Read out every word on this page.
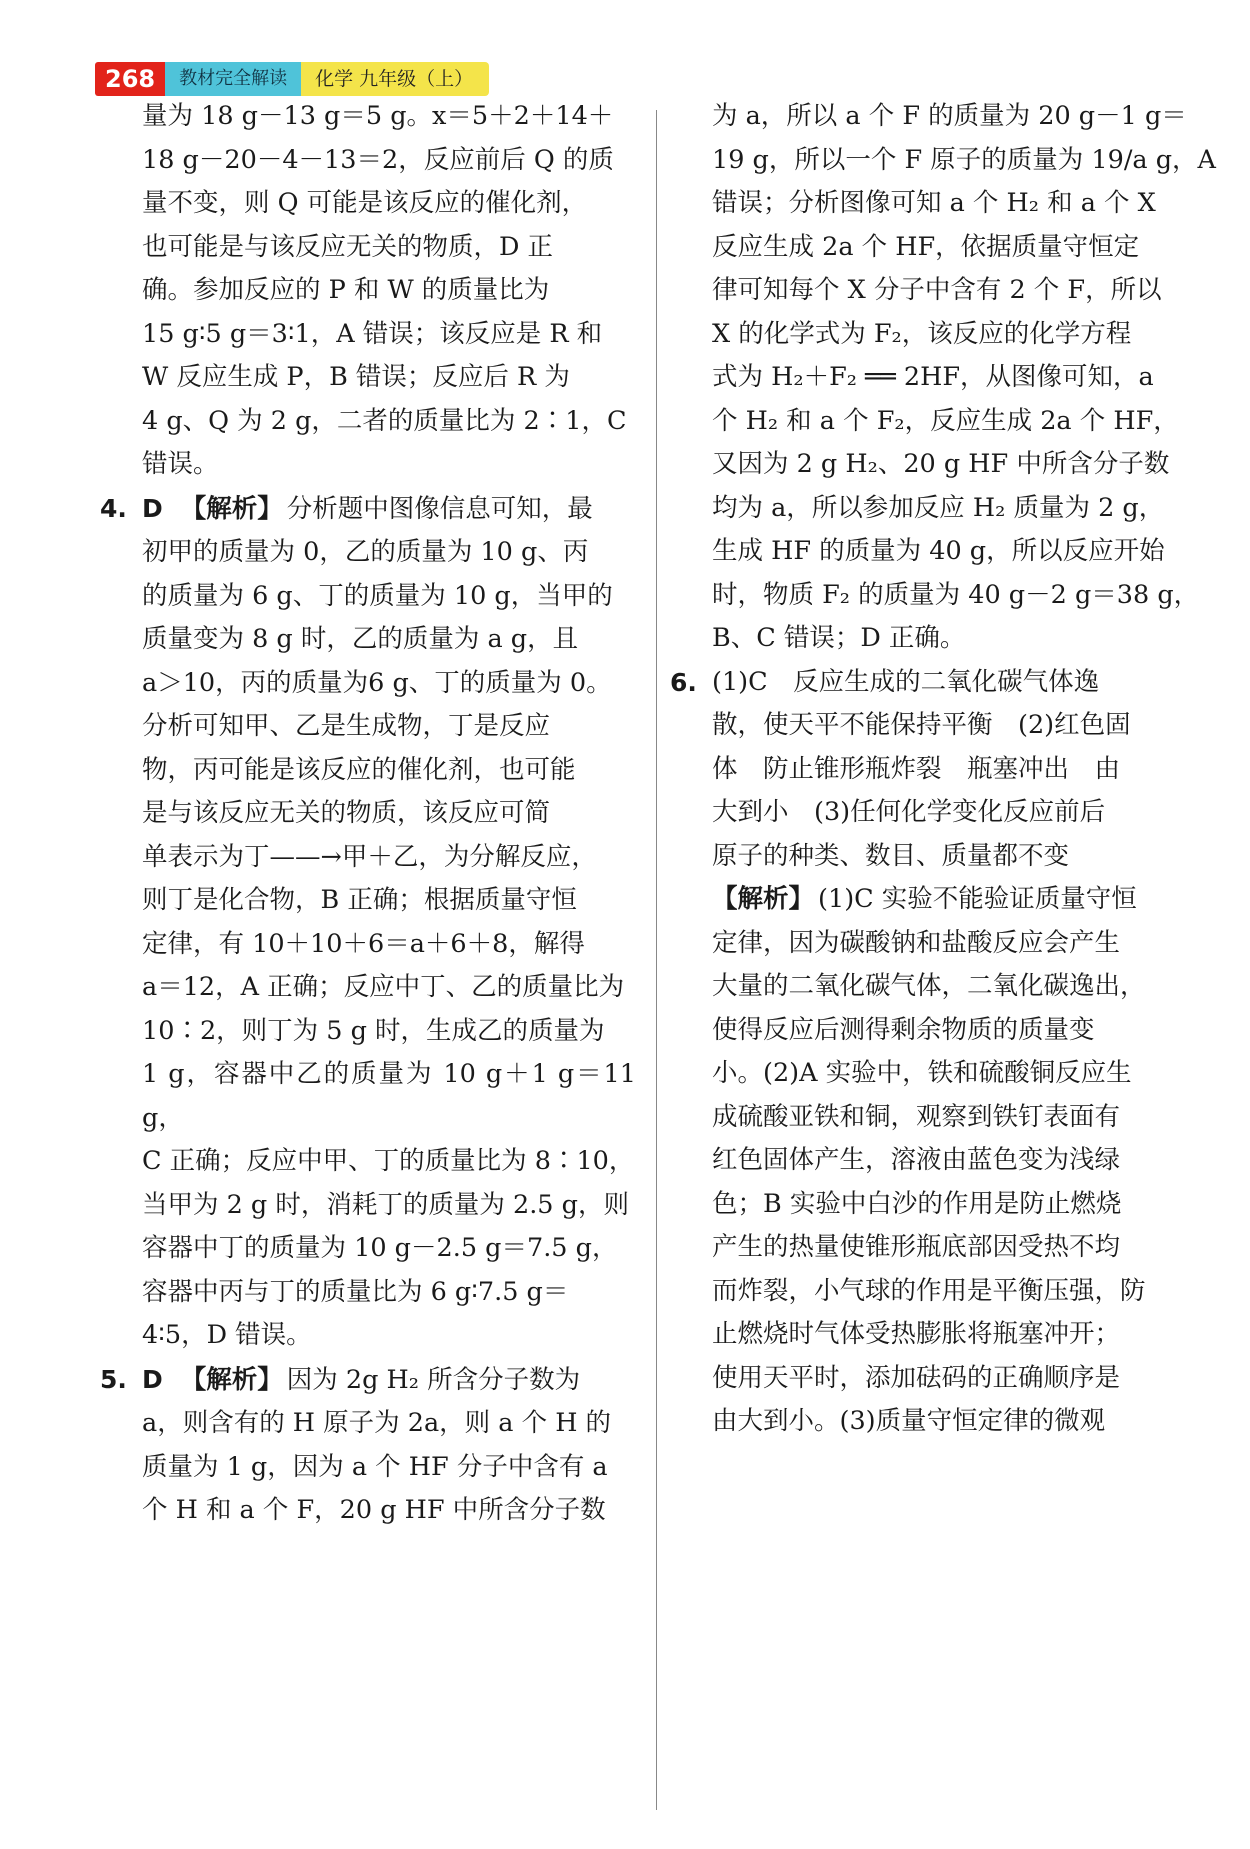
268	教材完全解读	化学 九年级（上）
量为 18 g－13 g＝5 g。x＝5＋2＋14＋
18 g－20－4－13＝2，反应前后 Q 的质
量不变，则 Q 可能是该反应的催化剂，
也可能是与该反应无关的物质，D 正
确。参加反应的 P 和 W 的质量比为
15 g∶5 g＝3∶1，A 错误；该反应是 R 和
W 反应生成 P，B 错误；反应后 R 为
4 g、Q 为 2 g，二者的质量比为 2∶1，C
错误。
4. D 【解析】 分析题中图像信息可知，最
初甲的质量为 0，乙的质量为 10 g、丙
的质量为 6 g、丁的质量为 10 g，当甲的
质量变为 8 g 时，乙的质量为 a g，且
a＞10，丙的质量为6 g、丁的质量为 0。
分析可知甲、乙是生成物，丁是反应
物，丙可能是该反应的催化剂，也可能
是与该反应无关的物质，该反应可简
单表示为丁——→甲＋乙，为分解反应，
则丁是化合物，B 正确；根据质量守恒
定律，有 10＋10＋6＝a＋6＋8，解得
a＝12，A 正确；反应中丁、乙的质量比为
10∶2，则丁为 5 g 时，生成乙的质量为
1 g，容器中乙的质量为 10 g＋1 g＝11 g，
C 正确；反应中甲、丁的质量比为 8∶10，
当甲为 2 g 时，消耗丁的质量为 2.5 g，则
容器中丁的质量为 10 g－2.5 g＝7.5 g，
容器中丙与丁的质量比为 6 g∶7.5 g＝
4∶5，D 错误。
5. D 【解析】 因为 2g H₂ 所含分子数为
a，则含有的 H 原子为 2a，则 a 个 H 的
质量为 1 g，因为 a 个 HF 分子中含有 a
个 H 和 a 个 F，20 g HF 中所含分子数
为 a，所以 a 个 F 的质量为 20 g－1 g＝
19 g，所以一个 F 原子的质量为 19/a g，A
错误；分析图像可知 a 个 H₂ 和 a 个 X
反应生成 2a 个 HF，依据质量守恒定
律可知每个 X 分子中含有 2 个 F，所以
X 的化学式为 F₂，该反应的化学方程
式为 H₂＋F₂ ══ 2HF，从图像可知，a
个 H₂ 和 a 个 F₂，反应生成 2a 个 HF，
又因为 2 g H₂、20 g HF 中所含分子数
均为 a，所以参加反应 H₂ 质量为 2 g，
生成 HF 的质量为 40 g，所以反应开始
时，物质 F₂ 的质量为 40 g－2 g＝38 g，
B、C 错误；D 正确。
6. (1)C　反应生成的二氧化碳气体逸
散，使天平不能保持平衡　(2)红色固
体　防止锥形瓶炸裂　瓶塞冲出　由
大到小　(3)任何化学变化反应前后
原子的种类、数目、质量都不变
【解析】 (1)C 实验不能验证质量守恒
定律，因为碳酸钠和盐酸反应会产生
大量的二氧化碳气体，二氧化碳逸出，
使得反应后测得剩余物质的质量变
小。(2)A 实验中，铁和硫酸铜反应生
成硫酸亚铁和铜，观察到铁钉表面有
红色固体产生，溶液由蓝色变为浅绿
色；B 实验中白沙的作用是防止燃烧
产生的热量使锥形瓶底部因受热不均
而炸裂，小气球的作用是平衡压强，防
止燃烧时气体受热膨胀将瓶塞冲开；
使用天平时，添加砝码的正确顺序是
由大到小。(3)质量守恒定律的微观
